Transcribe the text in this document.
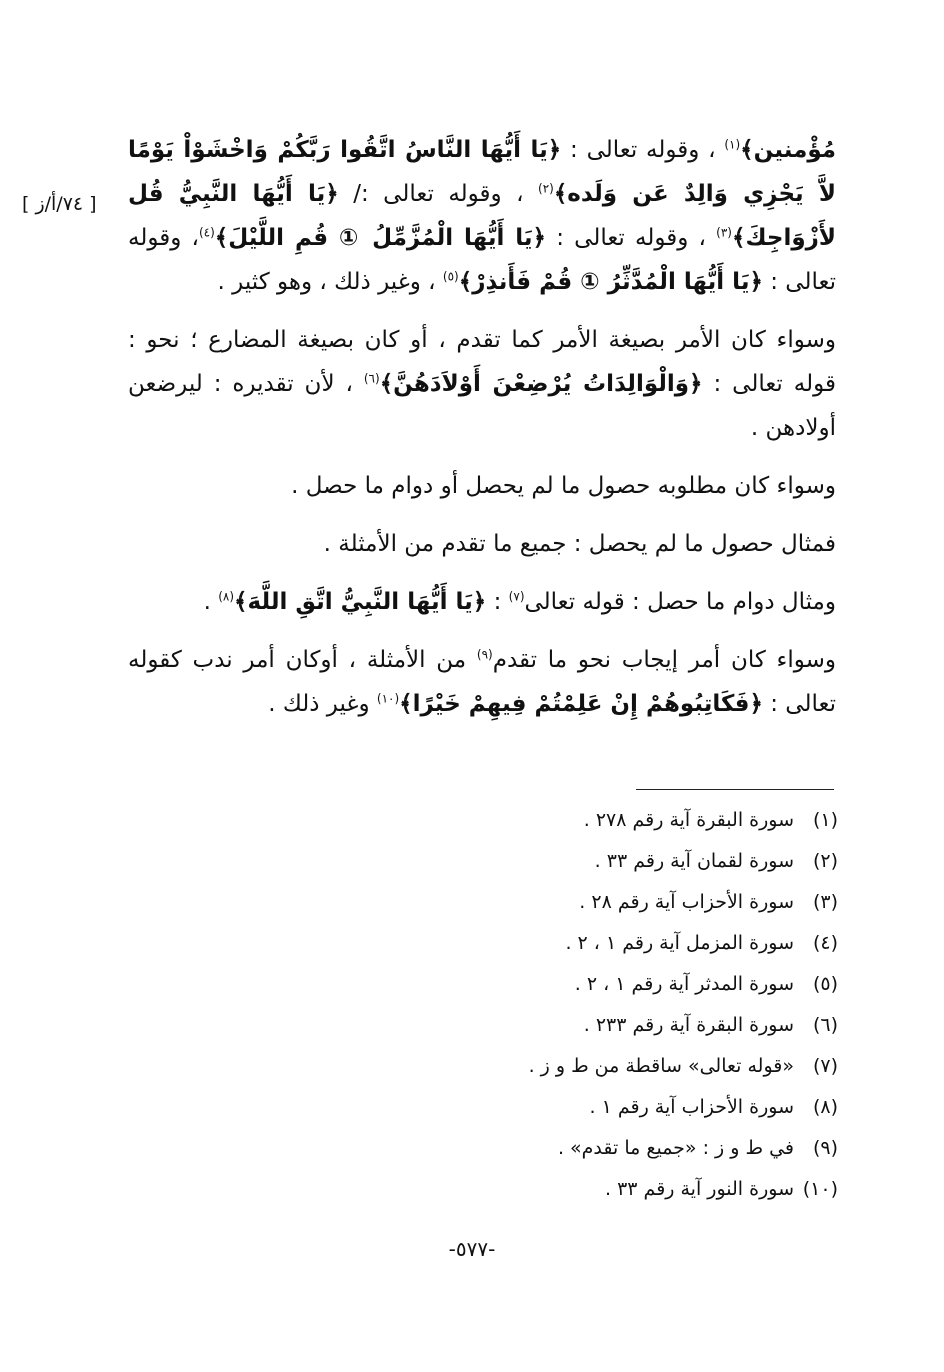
[ ٧٤/أ/ز ]

مُؤْمنين﴾$^{(١)}$ ، وقوله تعالى : ﴿يَا أَيُّهَا النَّاسُ اتَّقُوا رَبَّكُمْ وَاخْشَوْاْ يَوْمًا لاَّ يَجْزِي وَالِدٌ عَن وَلَده﴾$^{(٢)}$ ، وقوله تعالى :/ ﴿يَا أَيُّهَا النَّبِيُّ قُل لأَزْوَاجِكَ﴾$^{(٣)}$ ، وقوله تعالى : ﴿يَا أَيُّهَا الْمُزَّمِّلُ ① قُمِ اللَّيْلَ﴾$^{(٤)}$، وقوله تعالى : ﴿يَا أَيُّهَا الْمُدَّثِّرُ ① قُمْ فَأَنذِرْ﴾$^{(٥)}$ ، وغير ذلك ، وهو كثير .

وسواء كان الأمر بصيغة الأمر كما تقدم ، أو كان بصيغة المضارع ؛ نحو : قوله تعالى : ﴿وَالْوَالِدَاتُ يُرْضِعْنَ أَوْلاَدَهُنَّ﴾$^{(٦)}$ ، لأن تقديره : ليرضعن أولادهن .

وسواء كان مطلوبه حصول ما لم يحصل أو دوام ما حصل .

فمثال حصول ما لم يحصل : جميع ما تقدم من الأمثلة .

ومثال دوام ما حصل : قوله تعالى$^{(٧)}$ : ﴿يَا أَيُّهَا النَّبِيُّ اتَّقِ اللَّهَ﴾$^{(٨)}$ .

وسواء كان أمر إيجاب نحو ما تقدم$^{(٩)}$ من الأمثلة ، أوكان أمر ندب كقوله تعالى : ﴿فَكَاتِبُوهُمْ إِنْ عَلِمْتُمْ فِيهِمْ خَيْرًا﴾$^{(١٠)}$ وغير ذلك .

(١)سورة البقرة آية رقم ٢٧٨ .
(٢)سورة لقمان آية رقم ٣٣ .
(٣)سورة الأحزاب آية رقم ٢٨ .
(٤)سورة المزمل آية رقم ١ ، ٢ .
(٥)سورة المدثر آية رقم ١ ، ٢ .
(٦)سورة البقرة آية رقم ٢٣٣ .
(٧)«قوله تعالى» ساقطة من ط و ز .
(٨)سورة الأحزاب آية رقم ١ .
(٩)في ط و ز : «جميع ما تقدم» .
(١٠)سورة النور آية رقم ٣٣ .
-٥٧٧-
